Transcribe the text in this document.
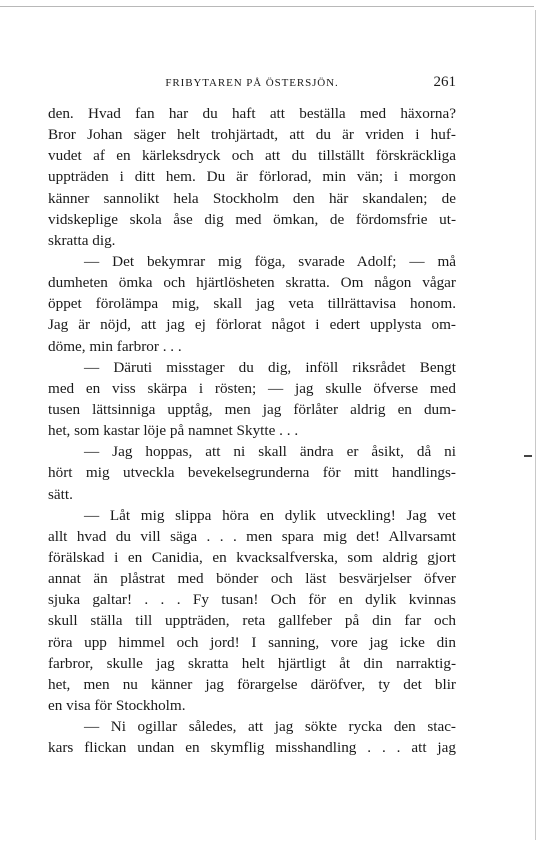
FRIBYTAREN PÅ ÖSTERSJÖN.	261
den. Hvad fan har du haft att beställa med häxorna?
Bror Johan säger helt trohjärtadt, att du är vriden i huf-
vudet af en kärleksdryck och att du tillställt förskräckliga
uppträden i ditt hem. Du är förlorad, min vän; i morgon
känner sannolikt hela Stockholm den här skandalen; de
vidskeplige skola åse dig med ömkan, de fördomsfrie ut-
skratta dig.
— Det bekymrar mig föga, svarade Adolf; — må
dumheten ömka och hjärtlösheten skratta. Om någon vågar
öppet förolämpa mig, skall jag veta tillrättavisa honom.
Jag är nöjd, att jag ej förlorat något i edert upplysta om-
döme, min farbror . . .
— Däruti misstager du dig, inföll riksrådet Bengt
med en viss skärpa i rösten; — jag skulle öfverse med
tusen lättsinniga upptåg, men jag förlåter aldrig en dum-
het, som kastar löje på namnet Skytte . . .
— Jag hoppas, att ni skall ändra er åsikt, då ni
hört mig utveckla bevekelsegrunderna för mitt handlings-
sätt.
— Låt mig slippa höra en dylik utveckling! Jag vet
allt hvad du vill säga . . . men spara mig det! Allvarsamt
förälskad i en Canidia, en kvacksalfverska, som aldrig gjort
annat än plåstrat med bönder och läst besvärjelser öfver
sjuka galtar! . . . Fy tusan! Och för en dylik kvinnas
skull ställa till uppträden, reta gallfeber på din far och
röra upp himmel och jord! I sanning, vore jag icke din
farbror, skulle jag skratta helt hjärtligt åt din narraktig-
het, men nu känner jag förargelse däröfver, ty det blir
en visa för Stockholm.
— Ni ogillar således, att jag sökte rycka den stac-
kars flickan undan en skymflig misshandling . . . att jag
